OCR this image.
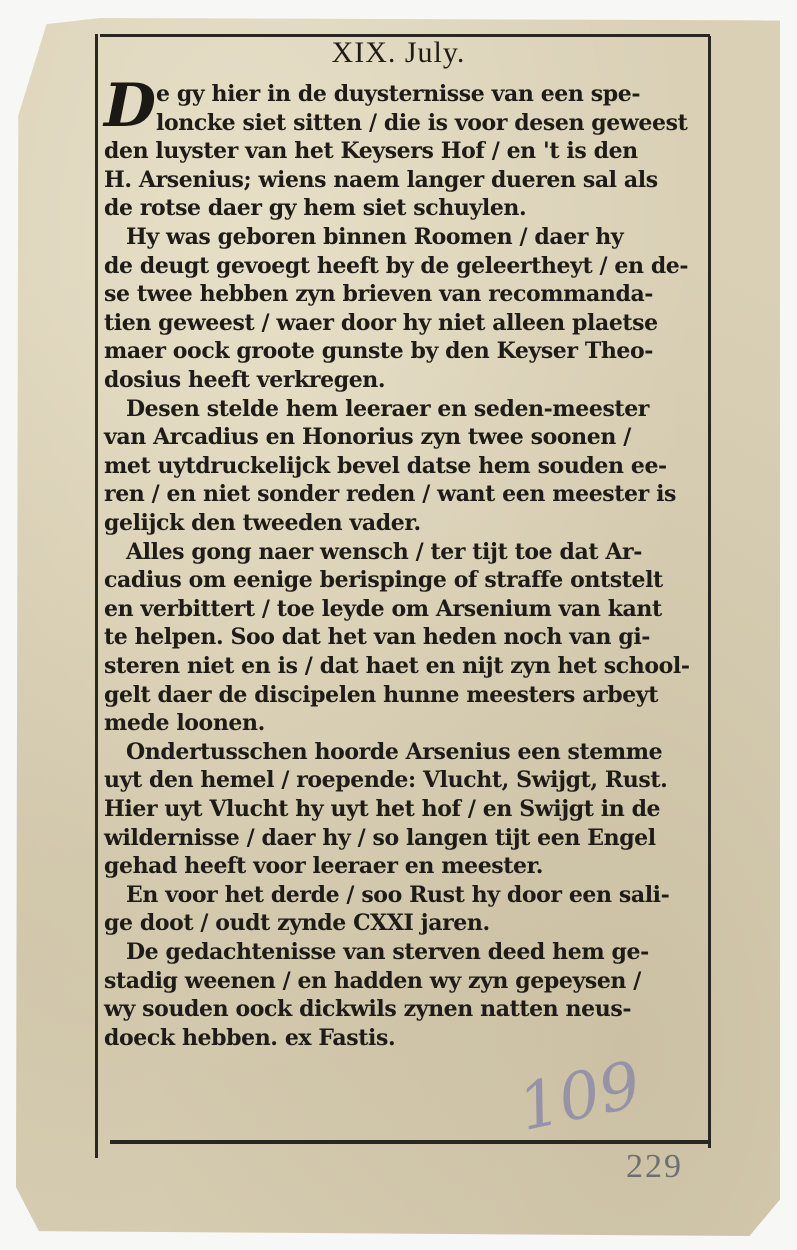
XIX. July.
D e gy hier in de duysternisse van een spe-
loncke siet sitten / die is voor desen geweest
den luyster van het Keysers Hof / en 't is den
H. Arsenius; wiens naem langer dueren sal als
de rotse daer gy hem siet schuylen.
Hy was geboren binnen Roomen / daer hy
de deugt gevoegt heeft by de geleertheyt / en de-
se twee hebben zyn brieven van recommanda-
tien geweest / waer door hy niet alleen plaetse
maer oock groote gunste by den Keyser Theo-
dosius heeft verkregen.
Desen stelde hem leeraer en seden-meester
van Arcadius en Honorius zyn twee soonen /
met uytdruckelijck bevel datse hem souden ee-
ren / en niet sonder reden / want een meester is
gelijck den tweeden vader.
Alles gong naer wensch / ter tijt toe dat Ar-
cadius om eenige berispinge of straffe ontstelt
en verbittert / toe leyde om Arsenium van kant
te helpen. Soo dat het van heden noch van gi-
steren niet en is / dat haet en nijt zyn het school-
gelt daer de discipelen hunne meesters arbeyt
mede loonen.
Ondertusschen hoorde Arsenius een stemme
uyt den hemel / roepende: Vlucht, Swijgt, Rust.
Hier uyt Vlucht hy uyt het hof / en Swijgt in de
wildernisse / daer hy / so langen tijt een Engel
gehad heeft voor leeraer en meester.
En voor het derde / soo Rust hy door een sali-
ge doot / oudt zynde CXXI jaren.
De gedachtenisse van sterven deed hem ge-
stadig weenen / en hadden wy zyn gepeysen /
wy souden oock dickwils zynen natten neus-
doeck hebben. ex Fastis.
109
229
